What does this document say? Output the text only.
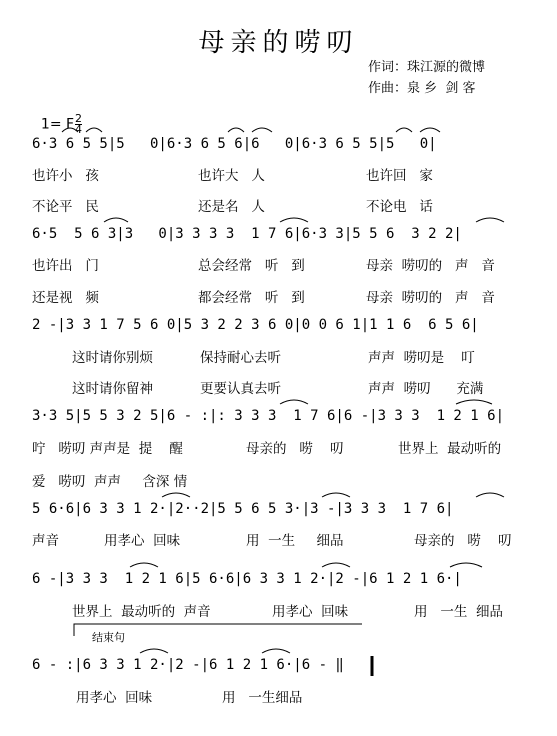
母亲的唠叨
作词：珠江源的微博
作曲：泉 乡  剑 客

1= F $\frac{2}{4}$

6·3 6 5 5|5   0|6·3 6 5 6|6   0|6·3 6 5 5|5   0|
也许小   孩	也许大   人	也许回   家
不论平   民	还是名   人	不论电   话
6·5  5 6 3|3   0|3 3 3 3  1 7 6|6·3 3|5 5 6  3 2 2|
也许出   门	总会经常   听   到	母亲  唠叨的   声   音
还是视   频	都会经常   听   到	母亲  唠叨的   声   音
2 -|3 3 1 7 5 6 0|5 3 2 2 3 6 0|0 0 6 1|1 1 6  6 5 6|
这时请你别烦	保持耐心去听	声声  唠叨是    叮
这时请你留神	更要认真去听	声声  唠叨      充满
3·3 5|5 5 3 2 5|6 - :|: 3 3 3  1 7 6|6 -|3 3 3  1 2 1 6|
咛   唠叨 声声是  提    醒	母亲的   唠    叨	世界上  最动听的
爱   唠叨  声声     含深 情
5 6·6|6 3 3 1 2·|2··2|5 5 6 5 3·|3 -|3 3 3  1 7 6|
声音	用孝心  回味	用  一生     细品	母亲的   唠    叨
6 -|3 3 3  1 2 1 6|5 6·6|6 3 3 1 2·|2 -|6 1 2 1 6·|
世界上  最动听的  声音	用孝心  回味	用   一生  细品
结束句
6 - :|6 3 3 1 2·|2 -|6 1 2 1 6·|6 - ‖
用孝心  回味	用   一生细品
